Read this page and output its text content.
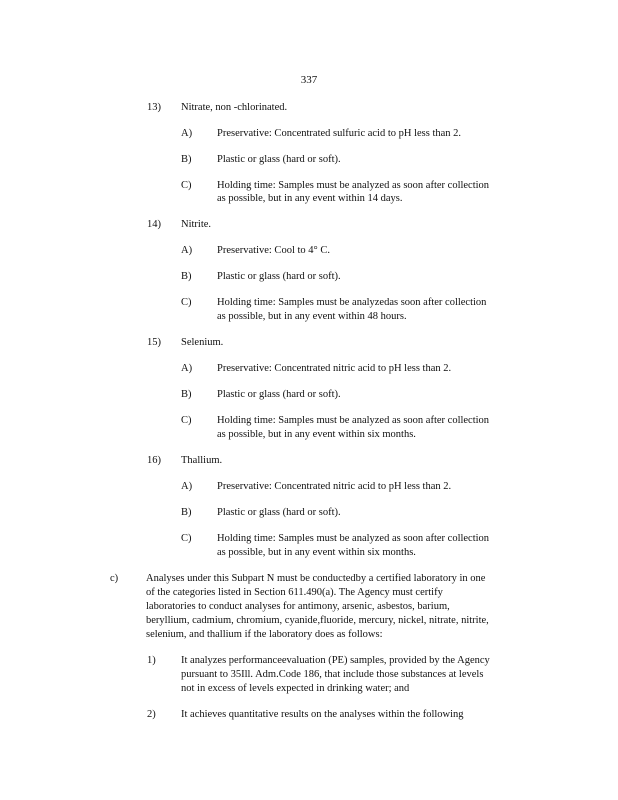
337
13) Nitrate, non -chlorinated.
A) Preservative: Concentrated sulfuric acid to pH less than 2.
B) Plastic or glass (hard or soft).
C) Holding time: Samples must be analyzed as soon after collection
as possible, but in any event within 14 days.
14) Nitrite.
A) Preservative: Cool to 4° C.
B) Plastic or glass (hard or soft).
C) Holding time: Samples must be analyzedas soon after collection
as possible, but in any event within 48 hours.
15) Selenium.
A) Preservative: Concentrated nitric acid to pH less than 2.
B) Plastic or glass (hard or soft).
C) Holding time: Samples must be analyzed as soon after collection
as possible, but in any event within six months.
16) Thallium.
A) Preservative: Concentrated nitric acid to pH less than 2.
B) Plastic or glass (hard or soft).
C) Holding time: Samples must be analyzed as soon after collection
as possible, but in any event within six months.
c)	Analyses under this Subpart N must be conductedby a certified laboratory in one
of the categories listed in Section 611.490(a). The Agency must certify
laboratories to conduct analyses for antimony, arsenic, asbestos, barium,
beryllium, cadmium, chromium, cyanide,fluoride, mercury, nickel, nitrate, nitrite,
selenium, and thallium if the laboratory does as follows:
1) It analyzes performanceevaluation (PE) samples, provided by the Agency
pursuant to 35Ill. Adm.Code 186, that include those substances at levels
not in excess of levels expected in drinking water; and
2) It achieves quantitative results on the analyses within the following
